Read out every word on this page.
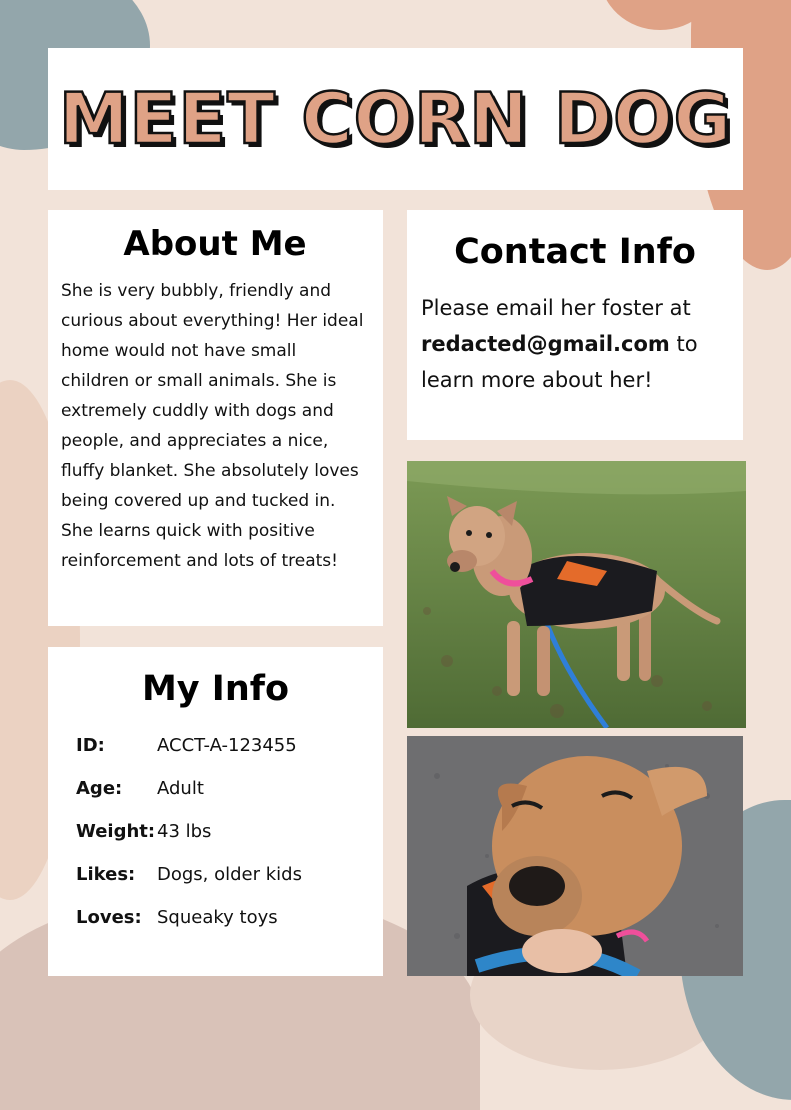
MEET CORN DOG
About Me

She is very bubbly, friendly and curious about everything! Her ideal home would not have small children or small animals. She is extremely cuddly with dogs and people, and appreciates a nice, fluffy blanket. She absolutely loves being covered up and tucked in. She learns quick with positive reinforcement and lots of treats!

Contact Info

Please email her foster at redacted@gmail.com to learn more about her!

My Info
ID:	ACCT-A-123455
Age:	Adult
Weight: 43 lbs
Likes:	Dogs, older kids
Loves: Squeaky toys
